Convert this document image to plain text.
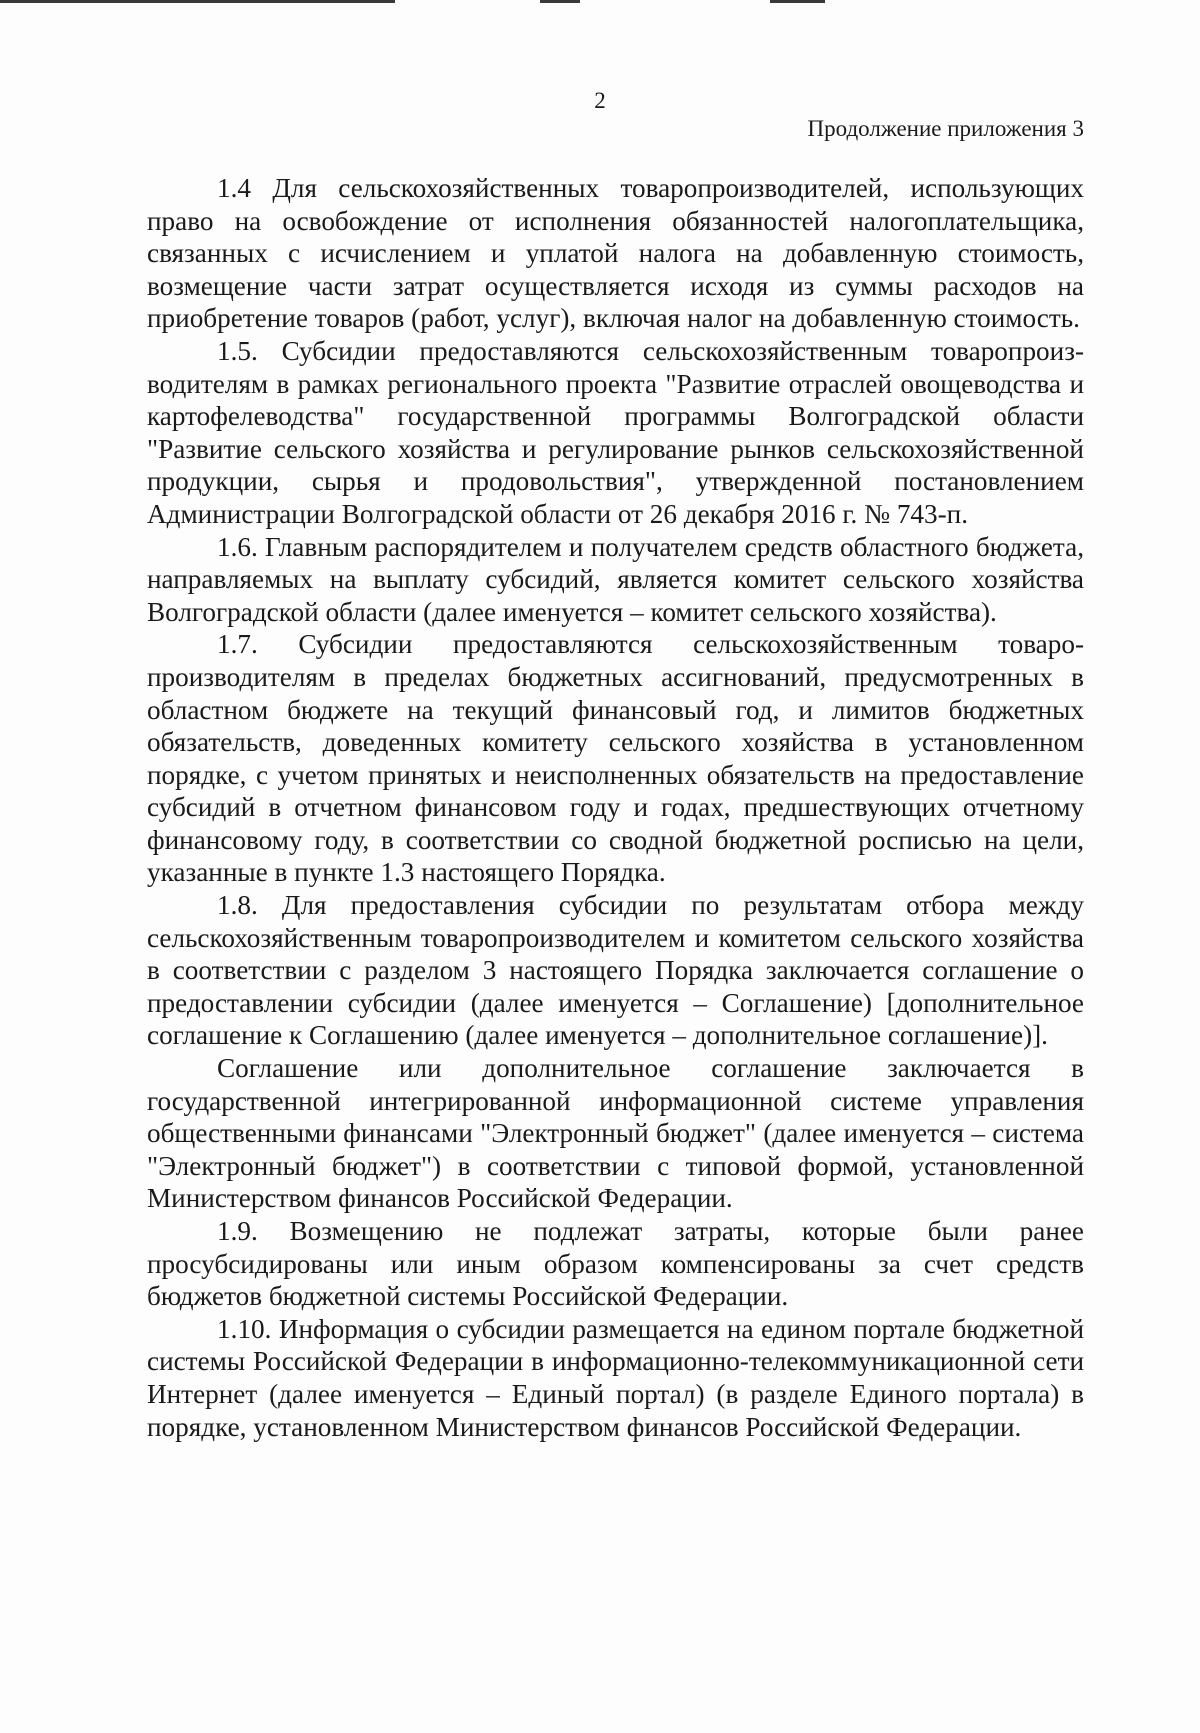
2
Продолжение приложения 3

1.4 Для сельскохозяйственных товаропроизводителей, использующих право на освобождение от исполнения обязанностей налогоплательщика, связанных с исчислением и уплатой налога на добавленную стоимость, возмещение части затрат осуществляется исходя из суммы расходов на приобретение товаров (работ, услуг), включая налог на добавленную стоимость.

1.5. Субсидии предоставляются сельскохозяйственным товаропроизводителям в рамках регионального проекта "Развитие отраслей овощеводства и картофелеводства" государственной программы Волгоградской области "Развитие сельского хозяйства и регулирование рынков сельскохозяйственной продукции, сырья и продовольствия", утвержденной постановлением Администрации Волгоградской области от 26 декабря 2016 г. № 743-п.

1.6. Главным распорядителем и получателем средств областного бюджета, направляемых на выплату субсидий, является комитет сельского хозяйства Волгоградской области (далее именуется – комитет сельского хозяйства).

1.7. Субсидии предоставляются сельскохозяйственным товаропроизводителям в пределах бюджетных ассигнований, предусмотренных в областном бюджете на текущий финансовый год, и лимитов бюджетных обязательств, доведенных комитету сельского хозяйства в установленном порядке, с учетом принятых и неисполненных обязательств на предоставление субсидий в отчетном финансовом году и годах, предшествующих отчетному финансовому году, в соответствии со сводной бюджетной росписью на цели, указанные в пункте 1.3 настоящего Порядка.

1.8. Для предоставления субсидии по результатам отбора между сельскохозяйственным товаропроизводителем и комитетом сельского хозяйства в соответствии с разделом 3 настоящего Порядка заключается соглашение о предоставлении субсидии (далее именуется – Соглашение) [дополнительное соглашение к Соглашению (далее именуется – дополнительное соглашение)].

Соглашение или дополнительное соглашение заключается в государственной интегрированной информационной системе управления общественными финансами "Электронный бюджет" (далее именуется – система "Электронный бюджет") в соответствии с типовой формой, установленной Министерством финансов Российской Федерации.

1.9. Возмещению не подлежат затраты, которые были ранее просубсидированы или иным образом компенсированы за счет средств бюджетов бюджетной системы Российской Федерации.

1.10. Информация о субсидии размещается на едином портале бюджетной системы Российской Федерации в информационно-телекоммуникационной сети Интернет (далее именуется – Единый портал) (в разделе Единого портала) в порядке, установленном Министерством финансов Российской Федерации.
